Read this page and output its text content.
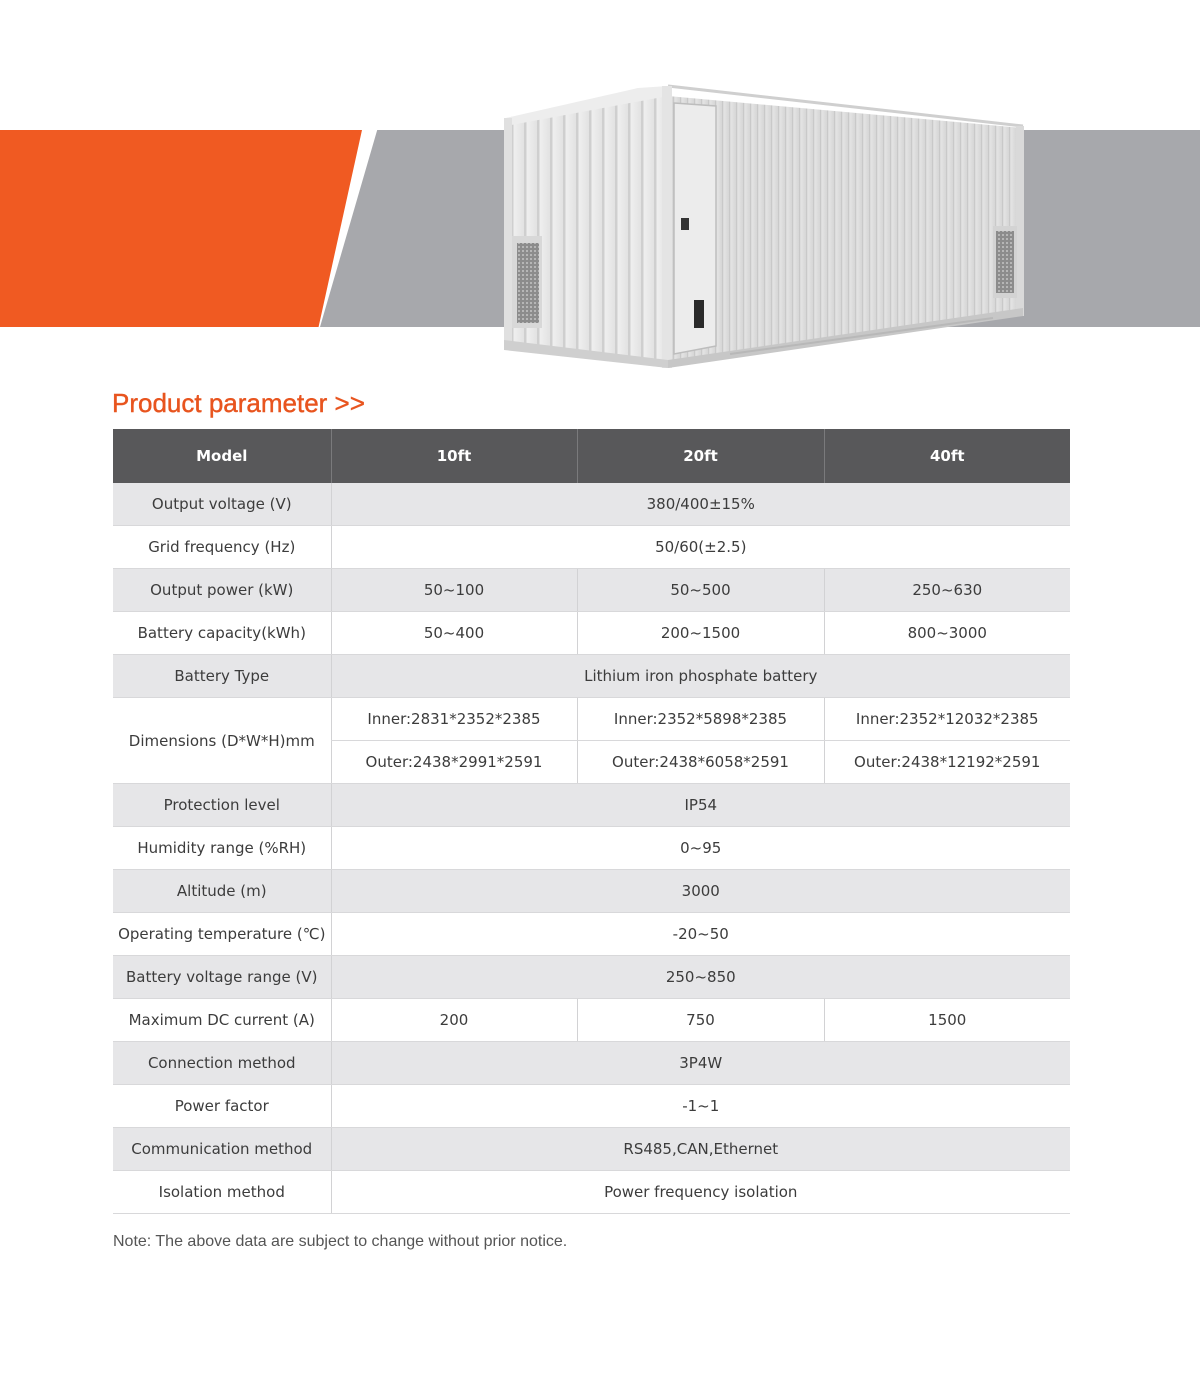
Product parameter >>
Model	10ft	20ft	40ft
Output voltage (V)	380/400±15%		
Grid frequency (Hz)	50/60(±2.5)		
Output power (kW)	50~100	50~500	250~630
Battery capacity(kWh)	50~400	200~1500	800~3000
Battery Type	Lithium iron phosphate battery		
Dimensions (D*W*H)mm	Inner:2831*2352*2385	Inner:2352*5898*2385	Inner:2352*12032*2385
	Outer:2438*2991*2591	Outer:2438*6058*2591	Outer:2438*12192*2591
Protection level	IP54		
Humidity range (%RH)	0~95		
Altitude (m)	3000		
Operating temperature (℃)	-20~50		
Battery voltage range (V)	250~850		
Maximum DC current (A)	200	750	1500
Connection method	3P4W		
Power factor	-1~1		
Communication method	RS485,CAN,Ethernet		
Isolation method	Power frequency isolation		

Note: The above data are subject to change without prior notice.
